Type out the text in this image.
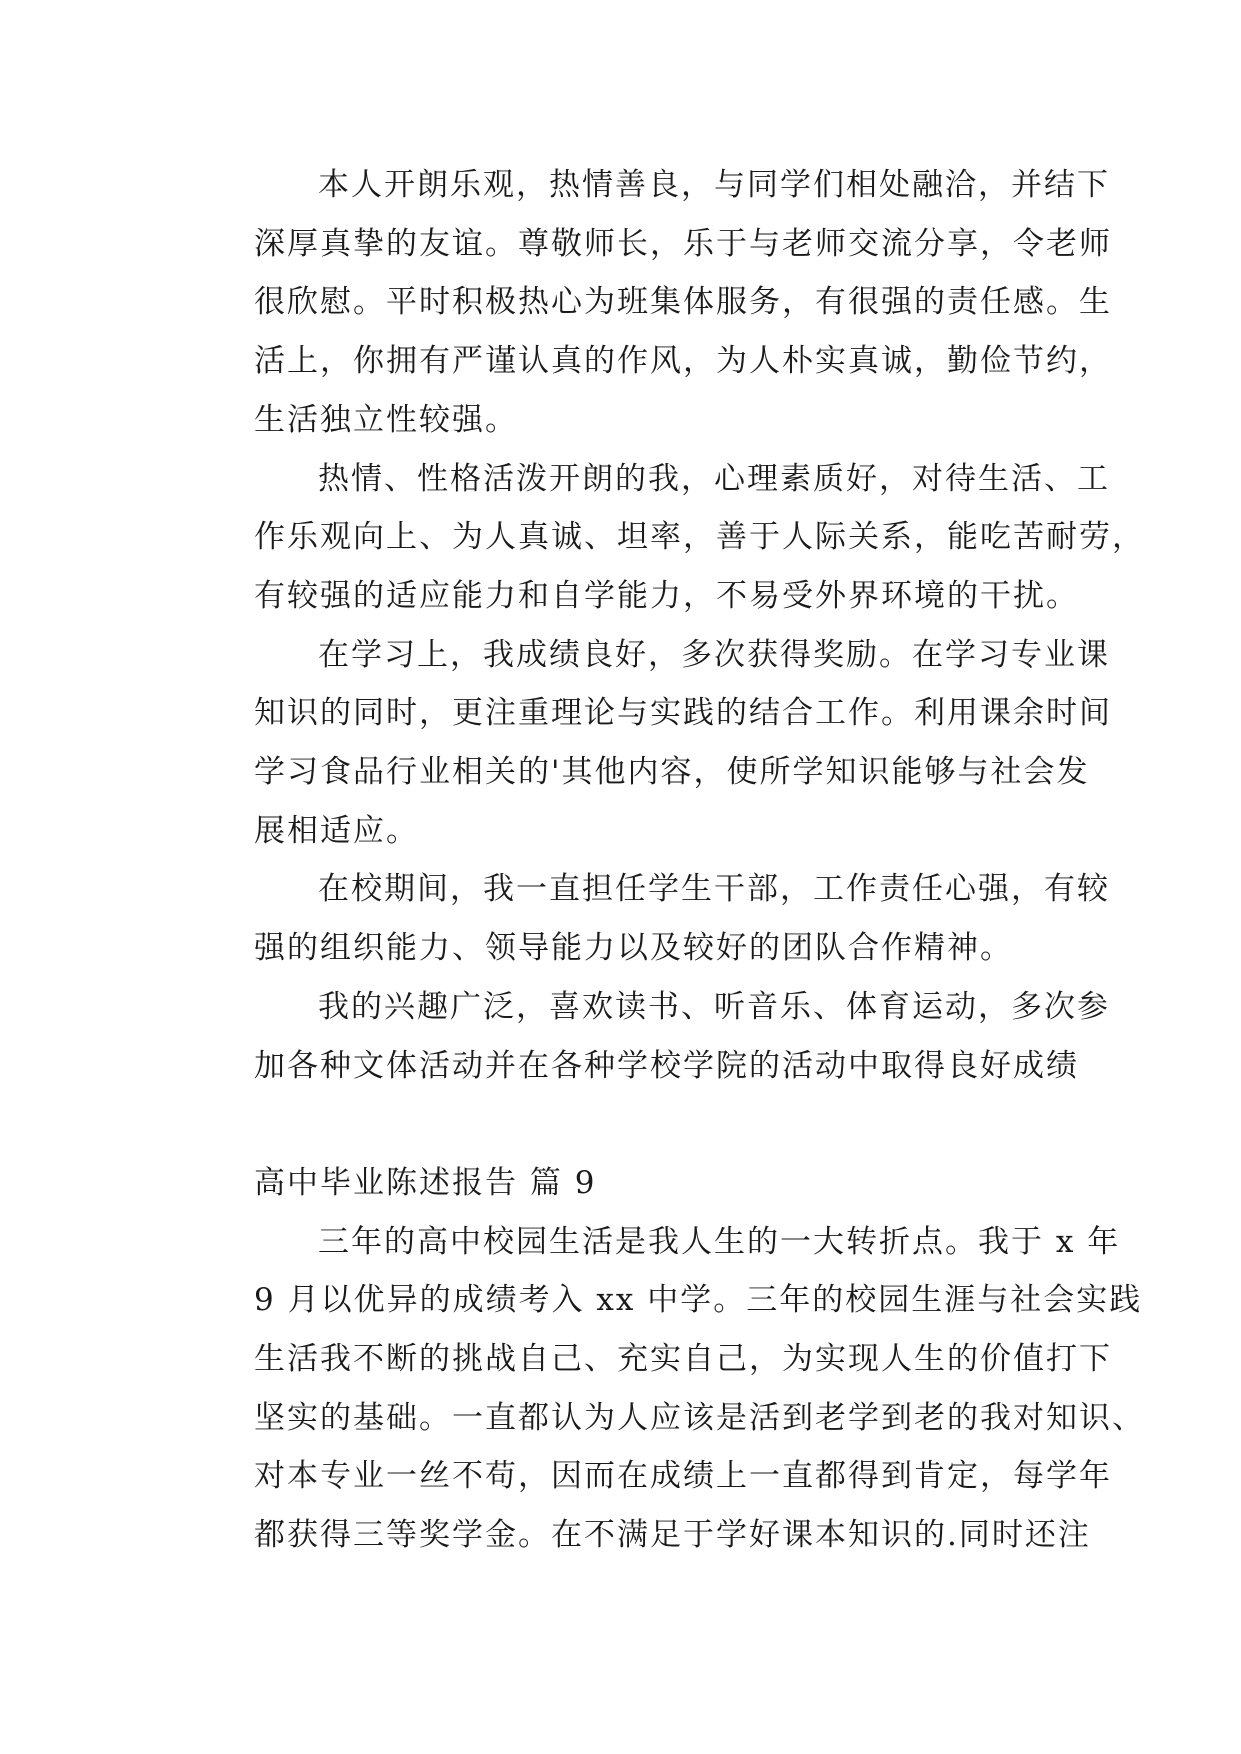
本人开朗乐观，热情善良，与同学们相处融洽，并结下
深厚真挚的友谊。尊敬师长，乐于与老师交流分享，令老师
很欣慰。平时积极热心为班集体服务，有很强的责任感。生
活上，你拥有严谨认真的作风，为人朴实真诚，勤俭节约，
生活独立性较强。
热情、性格活泼开朗的我，心理素质好，对待生活、工
作乐观向上、为人真诚、坦率，善于人际关系，能吃苦耐劳，
有较强的适应能力和自学能力，不易受外界环境的干扰。
在学习上，我成绩良好，多次获得奖励。在学习专业课
知识的同时，更注重理论与实践的结合工作。利用课余时间
学习食品行业相关的'其他内容，使所学知识能够与社会发
展相适应。
在校期间，我一直担任学生干部，工作责任心强，有较
强的组织能力、领导能力以及较好的团队合作精神。
我的兴趣广泛，喜欢读书、听音乐、体育运动，多次参
加各种文体活动并在各种学校学院的活动中取得良好成绩
高中毕业陈述报告 篇 9
三年的高中校园生活是我人生的一大转折点。我于 x 年
9 月以优异的成绩考入 xx 中学。三年的校园生涯与社会实践
生活我不断的挑战自己、充实自己，为实现人生的价值打下
坚实的基础。一直都认为人应该是活到老学到老的我对知识、
对本专业一丝不苟，因而在成绩上一直都得到肯定，每学年
都获得三等奖学金。在不满足于学好课本知识的.同时还注
